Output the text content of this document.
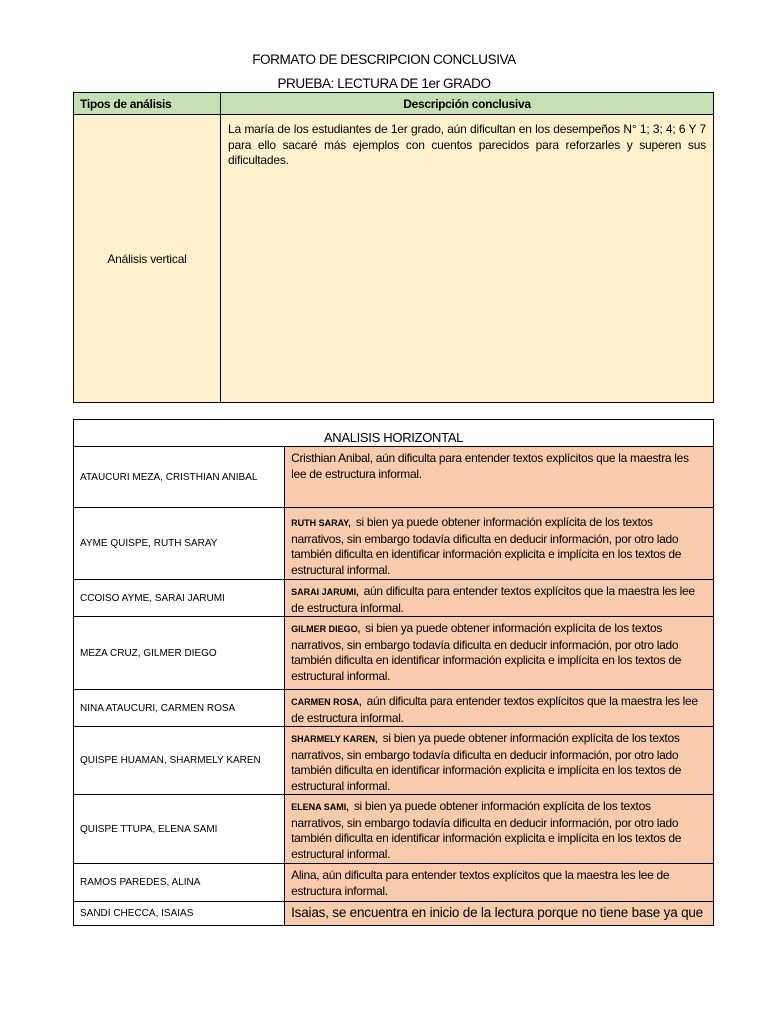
FORMATO DE DESCRIPCION CONCLUSIVA
PRUEBA: LECTURA DE 1er GRADO
Tipos de análisis	Descripción conclusiva
Análisis vertical	La maría de los estudiantes de 1er grado, aún dificultan en los desempeños N° 1; 3; 4; 6 Y 7 para ello sacaré más ejemplos con cuentos parecidos para reforzarles y superen sus dificultades.
ANALISIS HORIZONTAL	
ATAUCURI MEZA, CRISTHIAN ANIBAL	Cristhian Anibal, aún dificulta para entender textos explícitos que la maestra les lee de estructura informal.
AYME QUISPE, RUTH SARAY	RUTH SARAY, si bien ya puede obtener información explícita de los textos narrativos, sin embargo todavía dificulta en deducir información, por otro lado también dificulta en identificar información explicita e implícita en los textos de estructural informal.
CCOISO AYME, SARAI JARUMI	SARAI JARUMI, aún dificulta para entender textos explícitos que la maestra les lee de estructura informal.
MEZA CRUZ, GILMER DIEGO	GILMER DIEGO, si bien ya puede obtener información explícita de los textos narrativos, sin embargo todavía dificulta en deducir información, por otro lado también dificulta en identificar información explicita e implícita en los textos de estructural informal.
NINA ATAUCURI, CARMEN ROSA	CARMEN ROSA, aún dificulta para entender textos explícitos que la maestra les lee de estructura informal.
QUISPE HUAMAN, SHARMELY KAREN	SHARMELY KAREN, si bien ya puede obtener información explícita de los textos narrativos, sin embargo todavía dificulta en deducir información, por otro lado también dificulta en identificar información explicita e implícita en los textos de estructural informal.
QUISPE TTUPA, ELENA SAMI	ELENA SAMI, si bien ya puede obtener información explícita de los textos narrativos, sin embargo todavía dificulta en deducir información, por otro lado también dificulta en identificar información explicita e implícita en los textos de estructural informal.
RAMOS PAREDES, ALINA	Alina, aún dificulta para entender textos explícitos que la maestra les lee de estructura informal.
SANDI CHECCA, ISAIAS	Isaias, se encuentra en inicio de la lectura porque no tiene base ya que
